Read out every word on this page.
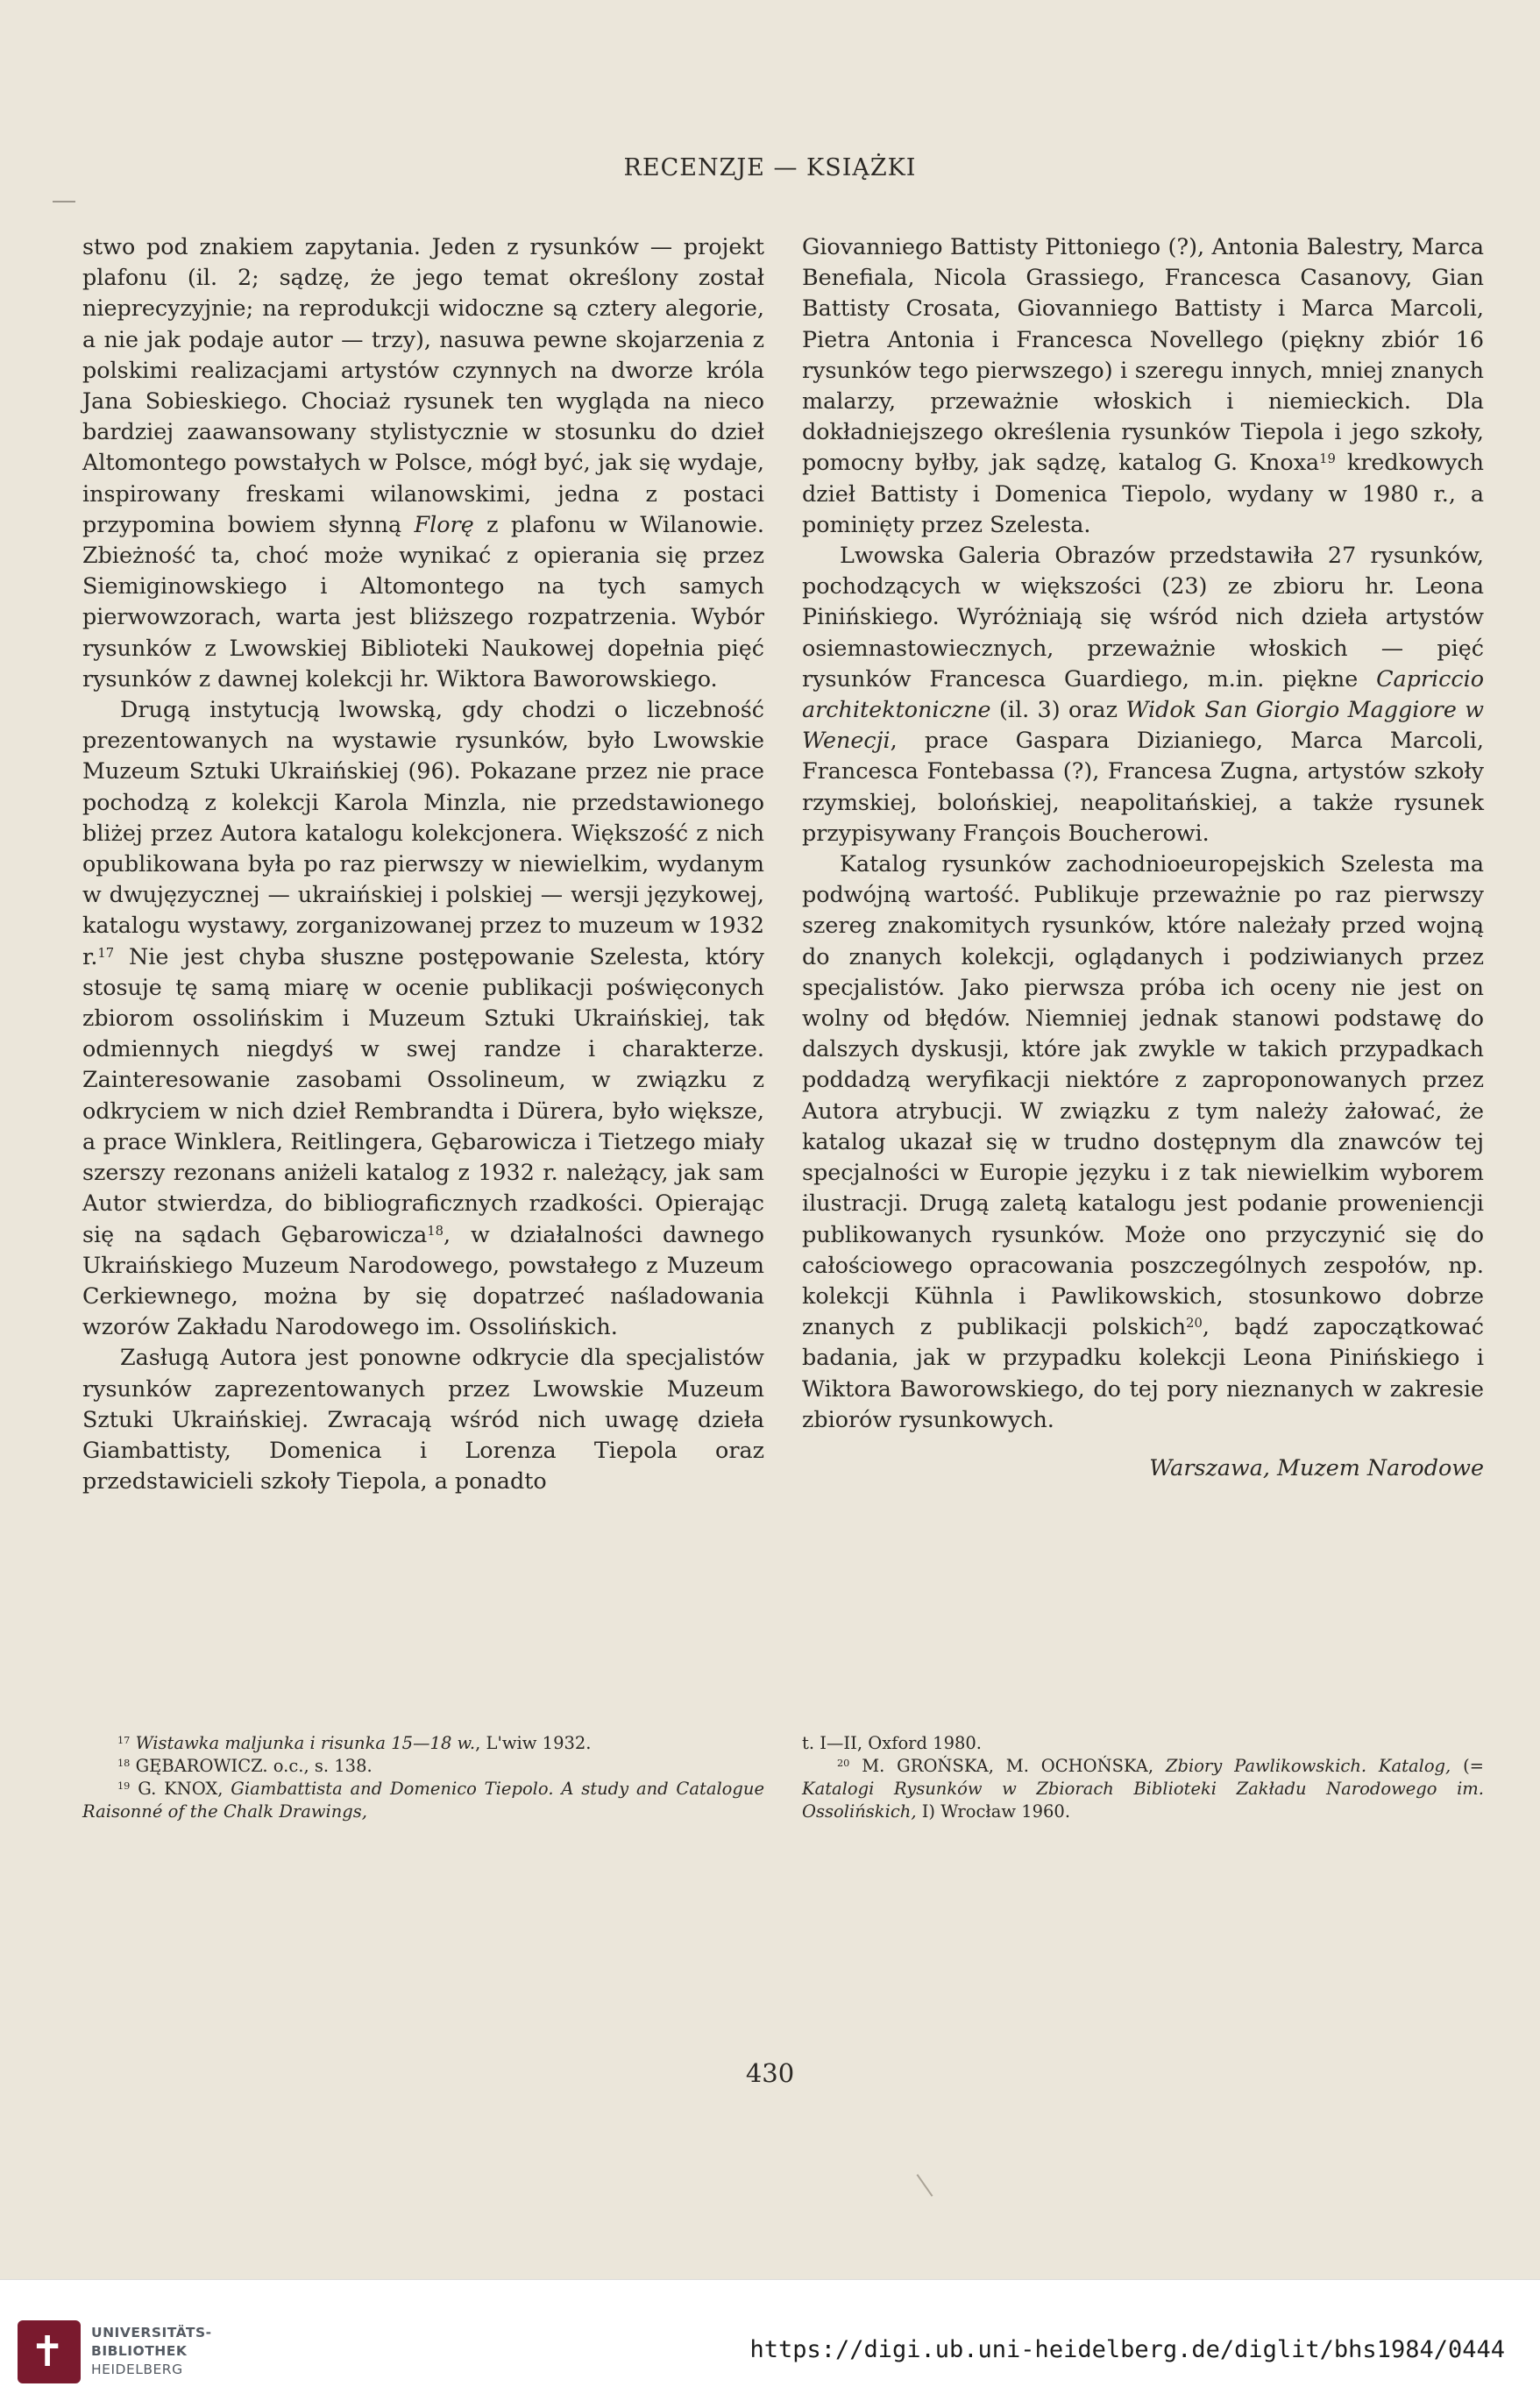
RECENZJE — KSIĄŻKI

stwo pod znakiem zapytania. Jeden z rysunków — projekt plafonu (il. 2; sądzę, że jego temat określony został nieprecyzyjnie; na reprodukcji widoczne są cztery alegorie, a nie jak podaje autor — trzy), nasuwa pewne skojarzenia z polskimi realizacjami artystów czynnych na dworze króla Jana Sobieskiego. Chociaż rysunek ten wygląda na nieco bardziej zaawansowany stylistycznie w stosunku do dzieł Altomontego powstałych w Polsce, mógł być, jak się wydaje, inspirowany freskami wilanowskimi, jedna z postaci przypomina bowiem słynną Florę z plafonu w Wilanowie. Zbieżność ta, choć może wynikać z opierania się przez Siemiginowskiego i Altomontego na tych samych pierwowzorach, warta jest bliższego rozpatrzenia. Wybór rysunków z Lwowskiej Biblioteki Naukowej dopełnia pięć rysunków z dawnej kolekcji hr. Wiktora Baworowskiego.

Drugą instytucją lwowską, gdy chodzi o liczebność prezentowanych na wystawie rysunków, było Lwowskie Muzeum Sztuki Ukraińskiej (96). Pokazane przez nie prace pochodzą z kolekcji Karola Minzla, nie przedstawionego bliżej przez Autora katalogu kolekcjonera. Większość z nich opublikowana była po raz pierwszy w niewielkim, wydanym w dwujęzycznej — ukraińskiej i polskiej — wersji językowej, katalogu wystawy, zorganizowanej przez to muzeum w 1932 r.$^{17}$ Nie jest chyba słuszne postępowanie Szelesta, który stosuje tę samą miarę w ocenie publikacji poświęconych zbiorom ossolińskim i Muzeum Sztuki Ukraińskiej, tak odmiennych niegdyś w swej randze i charakterze. Zainteresowanie zasobami Ossolineum, w związku z odkryciem w nich dzieł Rembrandta i Dürera, było większe, a prace Winklera, Reitlingera, Gębarowicza i Tietzego miały szerszy rezonans aniżeli katalog z 1932 r. należący, jak sam Autor stwierdza, do bibliograficznych rzadkości. Opierając się na sądach Gębarowicza$^{18}$, w działalności dawnego Ukraińskiego Muzeum Narodowego, powstałego z Muzeum Cerkiewnego, można by się dopatrzeć naśladowania wzorów Zakładu Narodowego im. Ossolińskich.

Zasługą Autora jest ponowne odkrycie dla specjalistów rysunków zaprezentowanych przez Lwowskie Muzeum Sztuki Ukraińskiej. Zwracają wśród nich uwagę dzieła Giambattisty, Domenica i Lorenza Tiepola oraz przedstawicieli szkoły Tiepola, a ponadto

Giovanniego Battisty Pittoniego (?), Antonia Balestry, Marca Benefiala, Nicola Grassiego, Francesca Casanovy, Gian Battisty Crosata, Giovanniego Battisty i Marca Marcoli, Pietra Antonia i Francesca Novellego (piękny zbiór 16 rysunków tego pierwszego) i szeregu innych, mniej znanych malarzy, przeważnie włoskich i niemieckich. Dla dokładniejszego określenia rysunków Tiepola i jego szkoły, pomocny byłby, jak sądzę, katalog G. Knoxa$^{19}$ kredkowych dzieł Battisty i Domenica Tiepolo, wydany w 1980 r., a pominięty przez Szelesta.

Lwowska Galeria Obrazów przedstawiła 27 rysunków, pochodzących w większości (23) ze zbioru hr. Leona Pinińskiego. Wyróżniają się wśród nich dzieła artystów osiemnastowiecznych, przeważnie włoskich — pięć rysunków Francesca Guardiego, m.in. piękne Capriccio architektoniczne (il. 3) oraz Widok San Giorgio Maggiore w Wenecji, prace Gaspara Dizianiego, Marca Marcoli, Francesca Fontebassa (?), Francesa Zugna, artystów szkoły rzymskiej, bolońskiej, neapolitańskiej, a także rysunek przypisywany François Boucherowi.

Katalog rysunków zachodnioeuropejskich Szelesta ma podwójną wartość. Publikuje przeważnie po raz pierwszy szereg znakomitych rysunków, które należały przed wojną do znanych kolekcji, oglądanych i podziwianych przez specjalistów. Jako pierwsza próba ich oceny nie jest on wolny od błędów. Niemniej jednak stanowi podstawę do dalszych dyskusji, które jak zwykle w takich przypadkach poddadzą weryfikacji niektóre z zaproponowanych przez Autora atrybucji. W związku z tym należy żałować, że katalog ukazał się w trudno dostępnym dla znawców tej specjalności w Europie języku i z tak niewielkim wyborem ilustracji. Drugą zaletą katalogu jest podanie proweniencji publikowanych rysunków. Może ono przyczynić się do całościowego opracowania poszczególnych zespołów, np. kolekcji Kühnla i Pawlikowskich, stosunkowo dobrze znanych z publikacji polskich$^{20}$, bądź zapoczątkować badania, jak w przypadku kolekcji Leona Pinińskiego i Wiktora Baworowskiego, do tej pory nieznanych w zakresie zbiorów rysunkowych.

Warszawa, Muzem Narodowe

$^{17}$ Wistawka maljunka i risunka 15—18 w., L'wiw 1932.

$^{18}$ GĘBAROWICZ. o.c., s. 138.

$^{19}$ G. KNOX, Giambattista and Domenico Tiepolo. A study and Catalogue Raisonné of the Chalk Drawings,

t. I—II, Oxford 1980.

$^{20}$ M. GROŃSKA, M. OCHOŃSKA, Zbiory Pawlikowskich. Katalog, (= Katalogi Rysunków w Zbiorach Biblioteki Zakładu Narodowego im. Ossolińskich, I) Wrocław 1960.

430
✝ UNIVERSITÄTS-
BIBLIOTHEK
HEIDELBERG
https://digi.ub.uni-heidelberg.de/diglit/bhs1984/0444
